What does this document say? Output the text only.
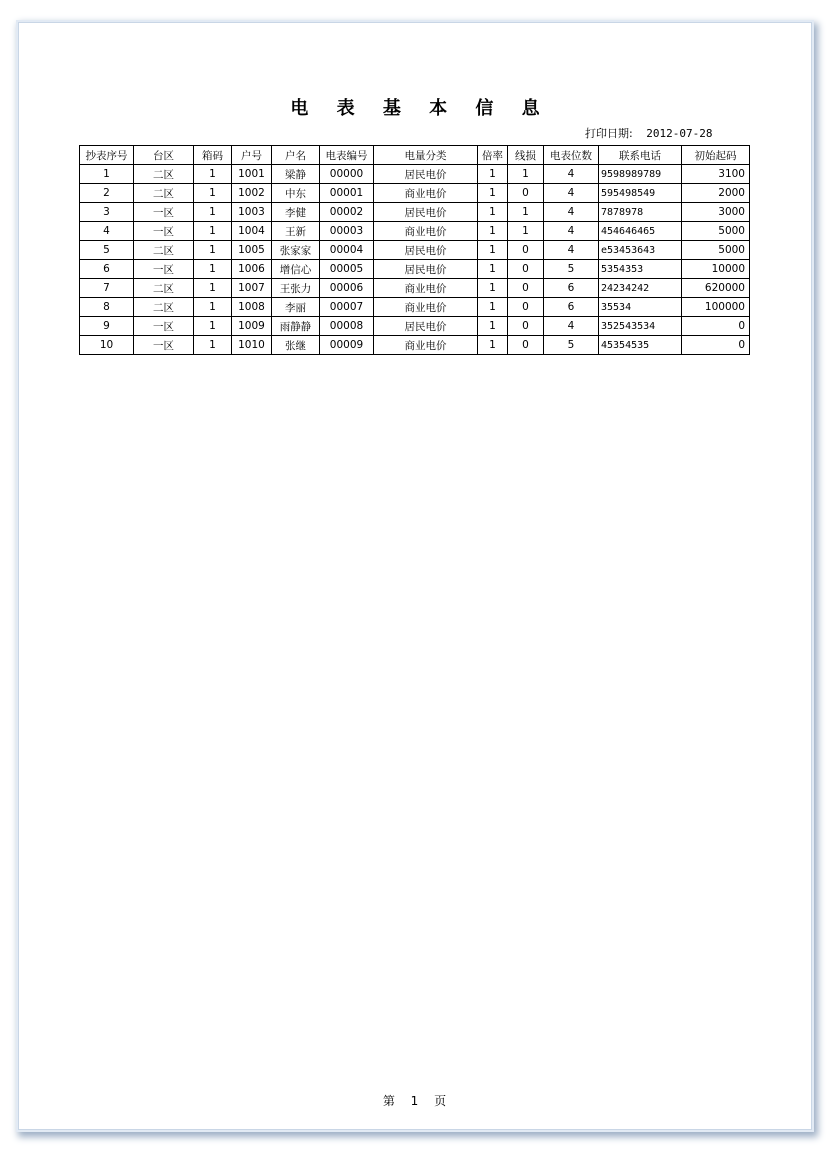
电 表 基 本 信 息
打印日期: 2012-07-28
抄表序号	台区	箱码	户号	户名	电表编号	电量分类	倍率	线损	电表位数	联系电话	初始起码
1	二区	1	1001	梁静	00000	居民电价	1	1	4	9598989789	3100
2	二区	1	1002	中东	00001	商业电价	1	0	4	595498549	2000
3	一区	1	1003	李健	00002	居民电价	1	1	4	7878978	3000
4	一区	1	1004	王新	00003	商业电价	1	1	4	454646465	5000
5	二区	1	1005	张家家	00004	居民电价	1	0	4	e53453643	5000
6	一区	1	1006	增信心	00005	居民电价	1	0	5	5354353	10000
7	二区	1	1007	王张力	00006	商业电价	1	0	6	24234242	620000
8	二区	1	1008	李丽	00007	商业电价	1	0	6	35534	100000
9	一区	1	1009	雨静静	00008	居民电价	1	0	4	352543534	0
10	一区	1	1010	张继	00009	商业电价	1	0	5	45354535	0
第 1 页
